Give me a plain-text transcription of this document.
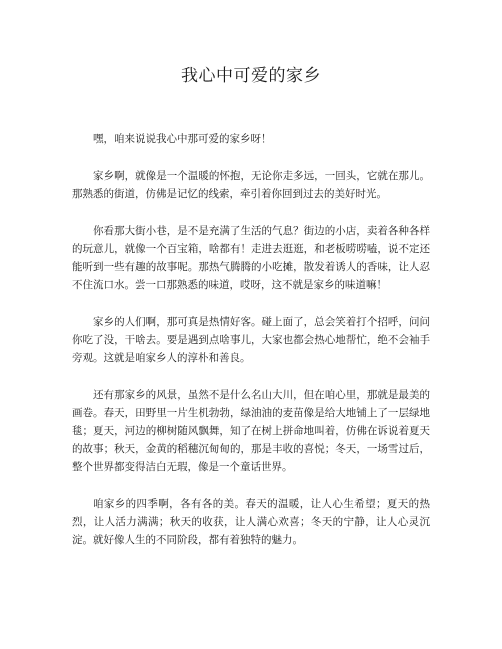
我心中可爱的家乡

嘿，咱来说说我心中那可爱的家乡呀！

家乡啊，就像是一个温暖的怀抱，无论你走多远，一回头，它就在那儿。那熟悉的街道，仿佛是记忆的线索，牵引着你回到过去的美好时光。

你看那大街小巷，是不是充满了生活的气息？街边的小店，卖着各种各样的玩意儿，就像一个百宝箱，啥都有！走进去逛逛，和老板唠唠嗑，说不定还能听到一些有趣的故事呢。那热气腾腾的小吃摊，散发着诱人的香味，让人忍不住流口水。尝一口那熟悉的味道，哎呀，这不就是家乡的味道嘛！

家乡的人们啊，那可真是热情好客。碰上面了，总会笑着打个招呼，问问你吃了没，干啥去。要是遇到点啥事儿，大家也都会热心地帮忙，绝不会袖手旁观。这就是咱家乡人的淳朴和善良。

还有那家乡的风景，虽然不是什么名山大川，但在咱心里，那就是最美的画卷。春天，田野里一片生机勃勃，绿油油的麦苗像是给大地铺上了一层绿地毯；夏天，河边的柳树随风飘舞，知了在树上拼命地叫着，仿佛在诉说着夏天的故事；秋天，金黄的稻穗沉甸甸的，那是丰收的喜悦；冬天，一场雪过后，整个世界都变得洁白无瑕，像是一个童话世界。

咱家乡的四季啊，各有各的美。春天的温暖，让人心生希望；夏天的热烈，让人活力满满；秋天的收获，让人满心欢喜；冬天的宁静，让人心灵沉淀。就好像人生的不同阶段，都有着独特的魅力。
